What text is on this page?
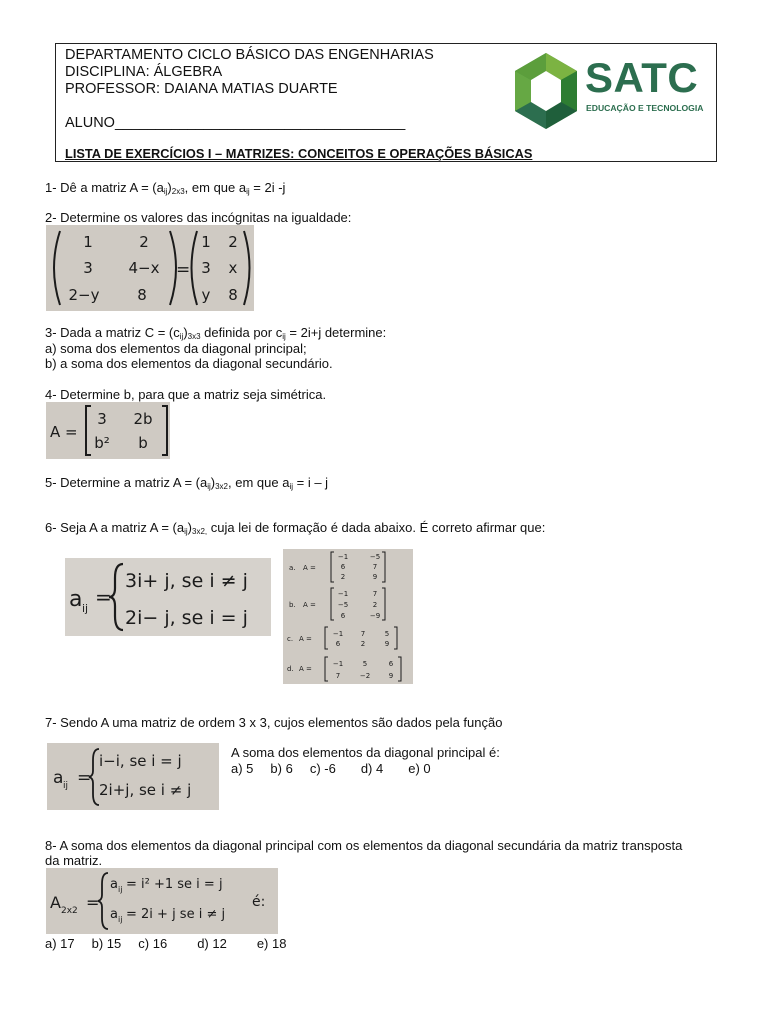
DEPARTAMENTO CICLO BÁSICO DAS ENGENHARIAS
DISCIPLINA: ÁLGEBRA
PROFESSOR: DAIANA MATIAS DUARTE
ALUNO____________________________________
LISTA DE EXERCÍCIOS I – MATRIZES: CONCEITOS E OPERAÇÕES BÁSICAS
SATC
EDUCAÇÃO E TECNOLOGIA
1- Dê a matriz $A = (a_{ij})_{2x3}$, em que $a_{ij} = 2i$ -j
2- Determine os valores das incógnitas na igualdade:
1	2
3 4−x
2−y	8
=
1 2
3 x
y 8
3- Dada a matriz $C = (c_{ij})_{3x3}$ definida por $c_{ij} = 2i+j$ determine:
a) soma dos elementos da diagonal principal;
b) a soma dos elementos da diagonal secundário.
4- Determine b, para que a matriz seja simétrica.
A =
3 2b
b² b
5- Determine a matriz $A = (a_{ij})_{3x2}$, em que $a_{ij} = i - j$
6- Seja A a matriz $A = (a_{ij})_{3x2,}$ cuja lei de formação é dada abaixo. É correto afirmar que:
a ij =
3i+ j, se i ≠ j
2i− j, se i = j
a. A =
−1	−5
6	7
2	9
b. A =
−1	7
−5	2
6	−9
c. A =
−1	7	5
6	2	9
d. A =
−1	5	6
7	−2	9
7- Sendo A uma matriz de ordem 3 x 3, cujos elementos são dados pela função
a ij =
i−i, se i = j
2i+j, se i ≠ j
A soma dos elementos da diagonal principal é:
a) 5 b) 6 c) -6 d) 4 e) 0
8- A soma dos elementos da diagonal principal com os elementos da diagonal secundária da matriz transposta
da matriz.
A 2x2 =
a ij = i² +1 se i = j
a ij = 2i + j se i ≠ j
é:
a) 17 b) 15 c) 16 d) 12 e) 18
